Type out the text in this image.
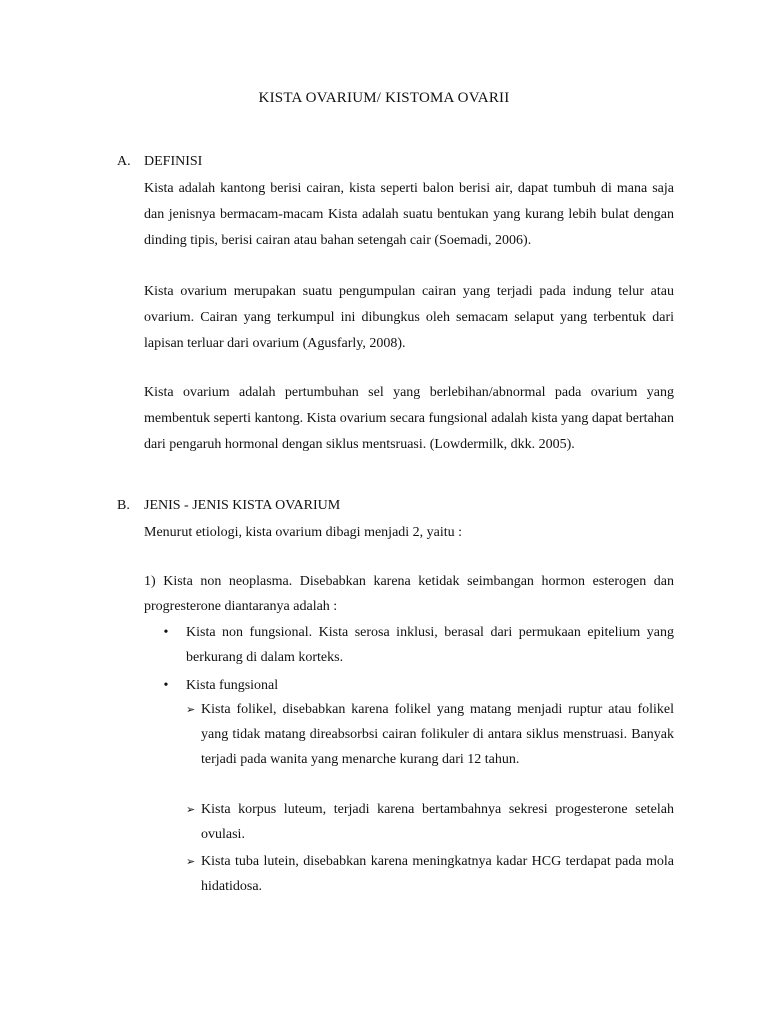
KISTA OVARIUM/ KISTOMA OVARII
A. DEFINISI
Kista adalah kantong berisi cairan, kista seperti balon berisi air, dapat tumbuh di mana saja dan jenisnya bermacam-macam Kista adalah suatu bentukan yang kurang lebih bulat dengan dinding tipis, berisi cairan atau bahan setengah cair (Soemadi, 2006).
Kista ovarium merupakan suatu pengumpulan cairan yang terjadi pada indung telur atau ovarium. Cairan yang terkumpul ini dibungkus oleh semacam selaput yang terbentuk dari lapisan terluar dari ovarium (Agusfarly, 2008).
Kista ovarium adalah pertumbuhan sel yang berlebihan/abnormal pada ovarium yang membentuk seperti kantong. Kista ovarium secara fungsional adalah kista yang dapat bertahan dari pengaruh hormonal dengan siklus mentsruasi. (Lowdermilk, dkk. 2005).
B. JENIS - JENIS KISTA OVARIUM
Menurut etiologi, kista ovarium dibagi menjadi 2, yaitu :
1) Kista non neoplasma. Disebabkan karena ketidak seimbangan hormon esterogen dan progresterone diantaranya adalah :
•	Kista non fungsional. Kista serosa inklusi, berasal dari permukaan epitelium yang berkurang di dalam korteks.
•	Kista fungsional
➢ Kista folikel, disebabkan karena folikel yang matang menjadi ruptur atau folikel yang tidak matang direabsorbsi cairan folikuler di antara siklus menstruasi. Banyak terjadi pada wanita yang menarche kurang dari 12 tahun.
➢ Kista korpus luteum, terjadi karena bertambahnya sekresi progesterone setelah ovulasi.
➢ Kista tuba lutein, disebabkan karena meningkatnya kadar HCG terdapat pada mola hidatidosa.
